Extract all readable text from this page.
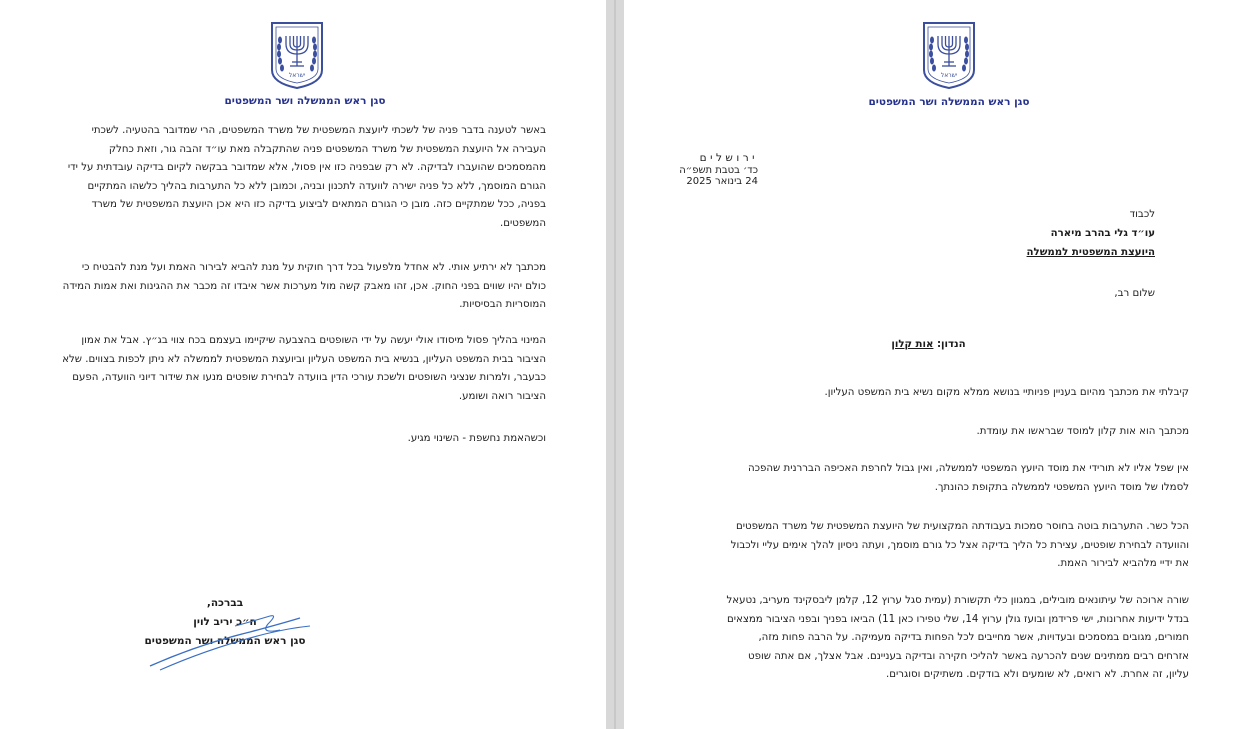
ישראל
סגן ראש הממשלה ושר המשפטים

באשר לטענה בדבר פניה של לשכתי ליועצת המשפטית של משרד המשפטים, הרי שמדובר בהטעיה. לשכתי העבירה אל היועצת המשפטית של משרד המשפטים פניה שהתקבלה מאת עו״ד זהבה גור, וזאת כחלק מהמסמכים שהועברו לבדיקה. לא רק שבפניה כזו אין פסול, אלא שמדובר בבקשה לקיום בדיקה עובדתית על ידי הגורם המוסמך, ללא כל פניה ישירה לוועדה לתכנון ובניה, וכמובן ללא כל התערבות בהליך כלשהו המתקיים בפניה, ככל שמתקיים כזה. מובן כי הגורם המתאים לביצוע בדיקה כזו היא אכן היועצת המשפטית של משרד המשפטים.

מכתבך לא ירתיע אותי. לא אחדל מלפעול בכל דרך חוקית על מנת להביא לבירור האמת ועל מנת להבטיח כי כולם יהיו שווים בפני החוק. אכן, זהו מאבק קשה מול מערכות אשר איבדו זה מכבר את ההגינות ואת אמות המידה המוסריות הבסיסיות.

המינוי בהליך פסול מיסודו אולי יעשה על ידי השופטים בהצבעה שיקיימו בעצמם בכח צווי בג״ץ. אבל את אמון הציבור בבית המשפט העליון, בנשיא בית המשפט העליון וביועצת המשפטית לממשלה לא ניתן לכפות בצווים. שלא כבעבר, ולמרות שנציגי השופטים ולשכת עורכי הדין בוועדה לבחירת שופטים מנעו את שידור דיוני הוועדה, הפעם הציבור רואה ושומע.

וכשהאמת נחשפת - השינוי מגיע.

בברכה,
ח״כ יריב לוין
סגן ראש הממשלה ושר המשפטים
ישראל
סגן ראש הממשלה ושר המשפטים
ירושלים
כד׳ בטבת תשפ״ה
24 בינואר 2025
לכבוד
עו״ד גלי בהרב מיארה
היועצת המשפטית לממשלה
שלום רב,
הנדון: אות קלון

קיבלתי את מכתבך מהיום בעניין פניותיי בנושא ממלא מקום נשיא בית המשפט העליון.

מכתבך הוא אות קלון למוסד שבראשו את עומדת.

אין שפל אליו לא תורידי את מוסד היועץ המשפטי לממשלה, ואין גבול לחרפת האכיפה הבררנית שהפכה לסמלו של מוסד היועץ המשפטי לממשלה בתקופת כהונתך.

הכל כשר. התערבות בוטה בחוסר סמכות בעבודתה המקצועית של היועצת המשפטית של משרד המשפטים והוועדה לבחירת שופטים, עצירת כל הליך בדיקה אצל כל גורם מוסמך, ועתה ניסיון להלך אימים עליי ולכבול את ידיי מלהביא לבירור האמת.

שורה ארוכה של עיתונאים מובילים, במגוון כלי תקשורת (עמית סגל ערוץ 12, קלמן ליבסקינד מעריב, נטעאל בנדל ידיעות אחרונות, ישי פרידמן ובועז גולן ערוץ 14, שלי טפירו כאן 11) הביאו בפניך ובפני הציבור ממצאים חמורים, מגובים במסמכים ובעדויות, אשר מחייבים לכל הפחות בדיקה מעמיקה. על הרבה פחות מזה, אזרחים רבים ממתינים שנים להכרעה באשר להליכי חקירה ובדיקה בעניינם. אבל אצלך, אם אתה שופט עליון, זה אחרת. לא רואים, לא שומעים ולא בודקים. משתיקים וסוגרים.
